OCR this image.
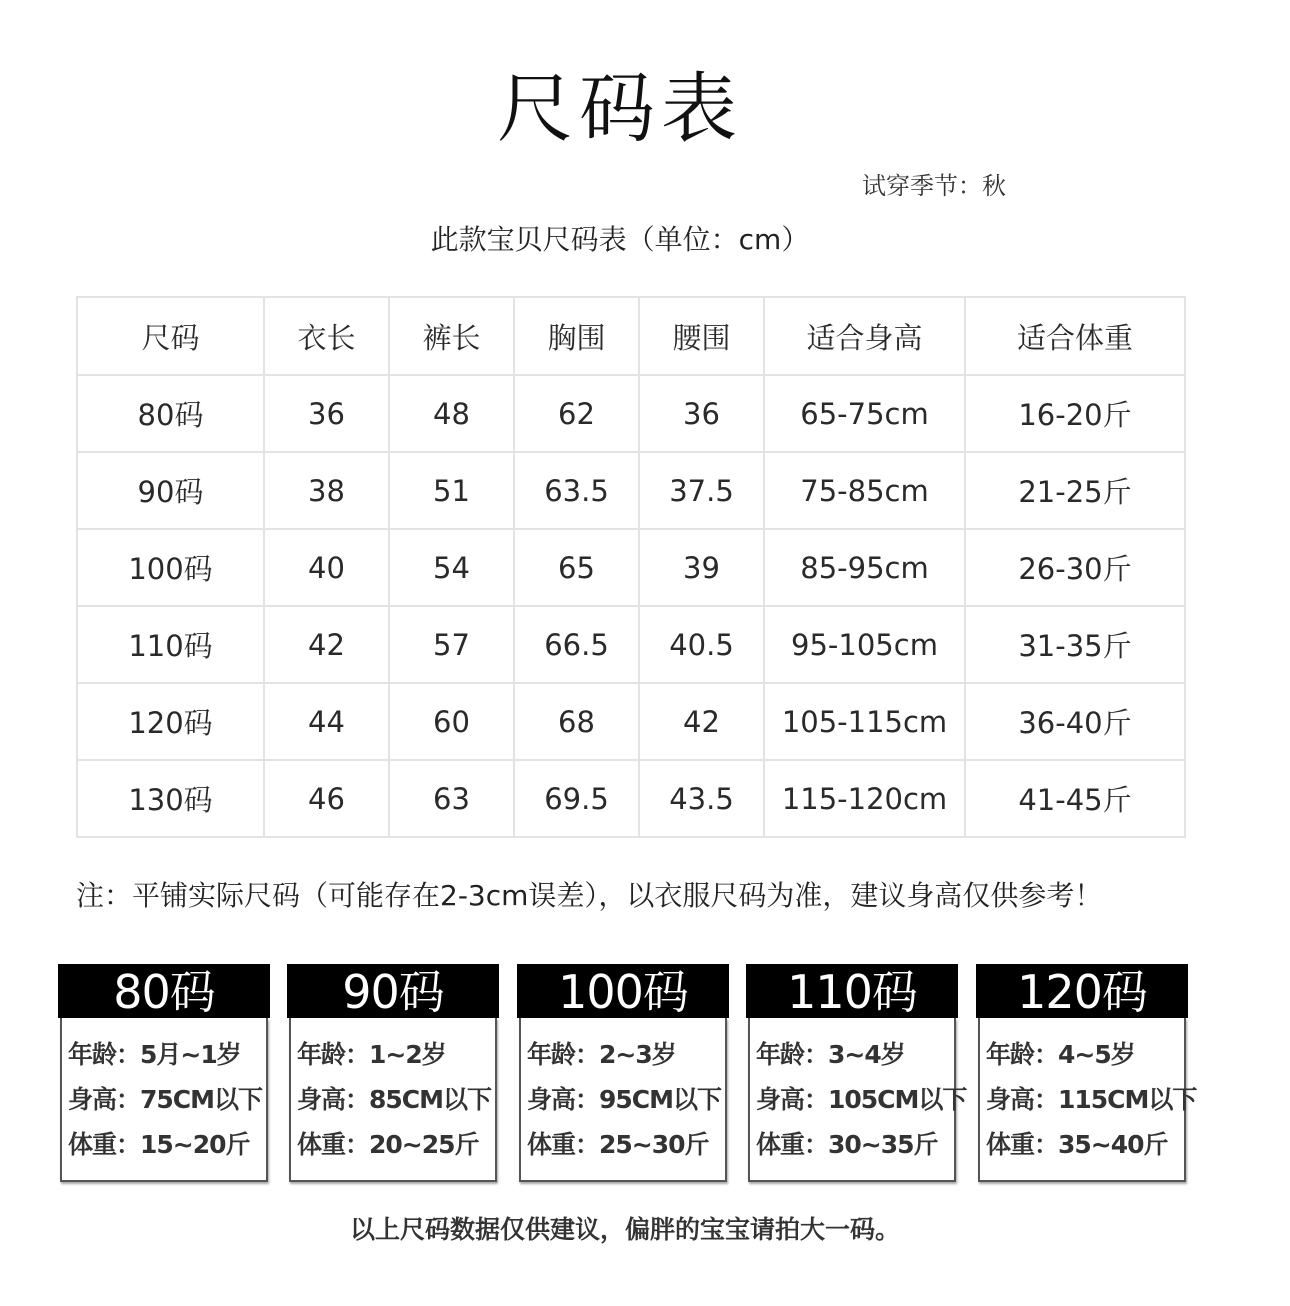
尺码表
试穿季节：秋
此款宝贝尺码表（单位：cm）
尺码	衣长	裤长	胸围	腰围	适合身高	适合体重
80码	36	48	62	36	65-75cm	16-20斤
90码	38	51	63.5	37.5	75-85cm	21-25斤
100码	40	54	65	39	85-95cm	26-30斤
110码	42	57	66.5	40.5	95-105cm	31-35斤
120码	44	60	68	42	105-115cm	36-40斤
130码	46	63	69.5	43.5	115-120cm	41-45斤
注：平铺实际尺码（可能存在2-3cm误差），以衣服尺码为准，建议身高仅供参考！
80码
年龄：5月~1岁
身高：75CM以下
体重：15~20斤
90码
年龄：1~2岁
身高：85CM以下
体重：20~25斤
100码
年龄：2~3岁
身高：95CM以下
体重：25~30斤
110码
年龄：3~4岁
身高：105CM以下
体重：30~35斤
120码
年龄：4~5岁
身高：115CM以下
体重：35~40斤
以上尺码数据仅供建议，偏胖的宝宝请拍大一码。
